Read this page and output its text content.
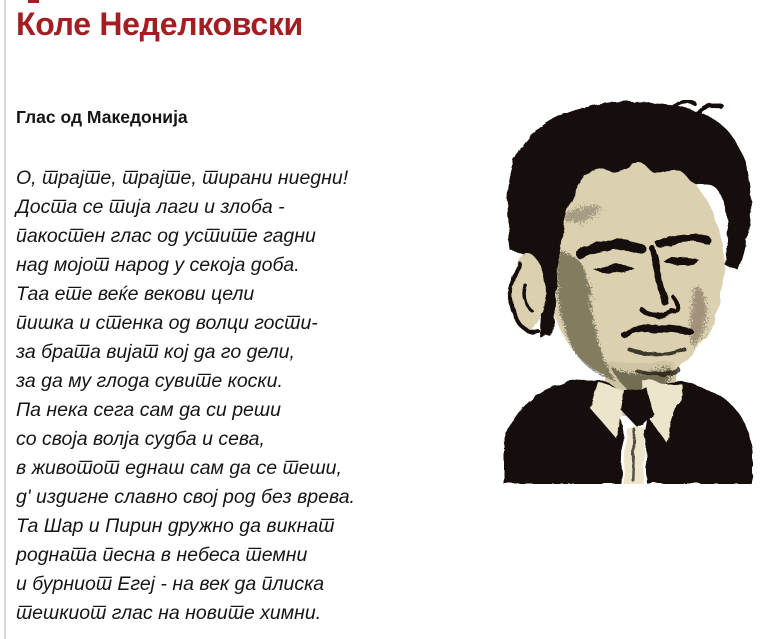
Коле Неделковски
Глас од Македонија
О, трајте, трајте, тирани ниедни!
Доста се тија лаги и злоба -
пакостен глас од устите гадни
над мојот народ у секоја доба.
Таа ете веќе векови цели
пишка и стенка од волци гости-
за брата вијат кој да го дели,
за да му глода сувите коски.
Па нека сега сам да си реши
со своја волја судба и сева,
в животот еднаш сам да се теши,
д' издигне славно свој род без врева.
Та Шар и Пирин дружно да викнат
родната песна в небеса темни
и бурниот Егеј - на век да плиска
тешкиот глас на новите химни.
